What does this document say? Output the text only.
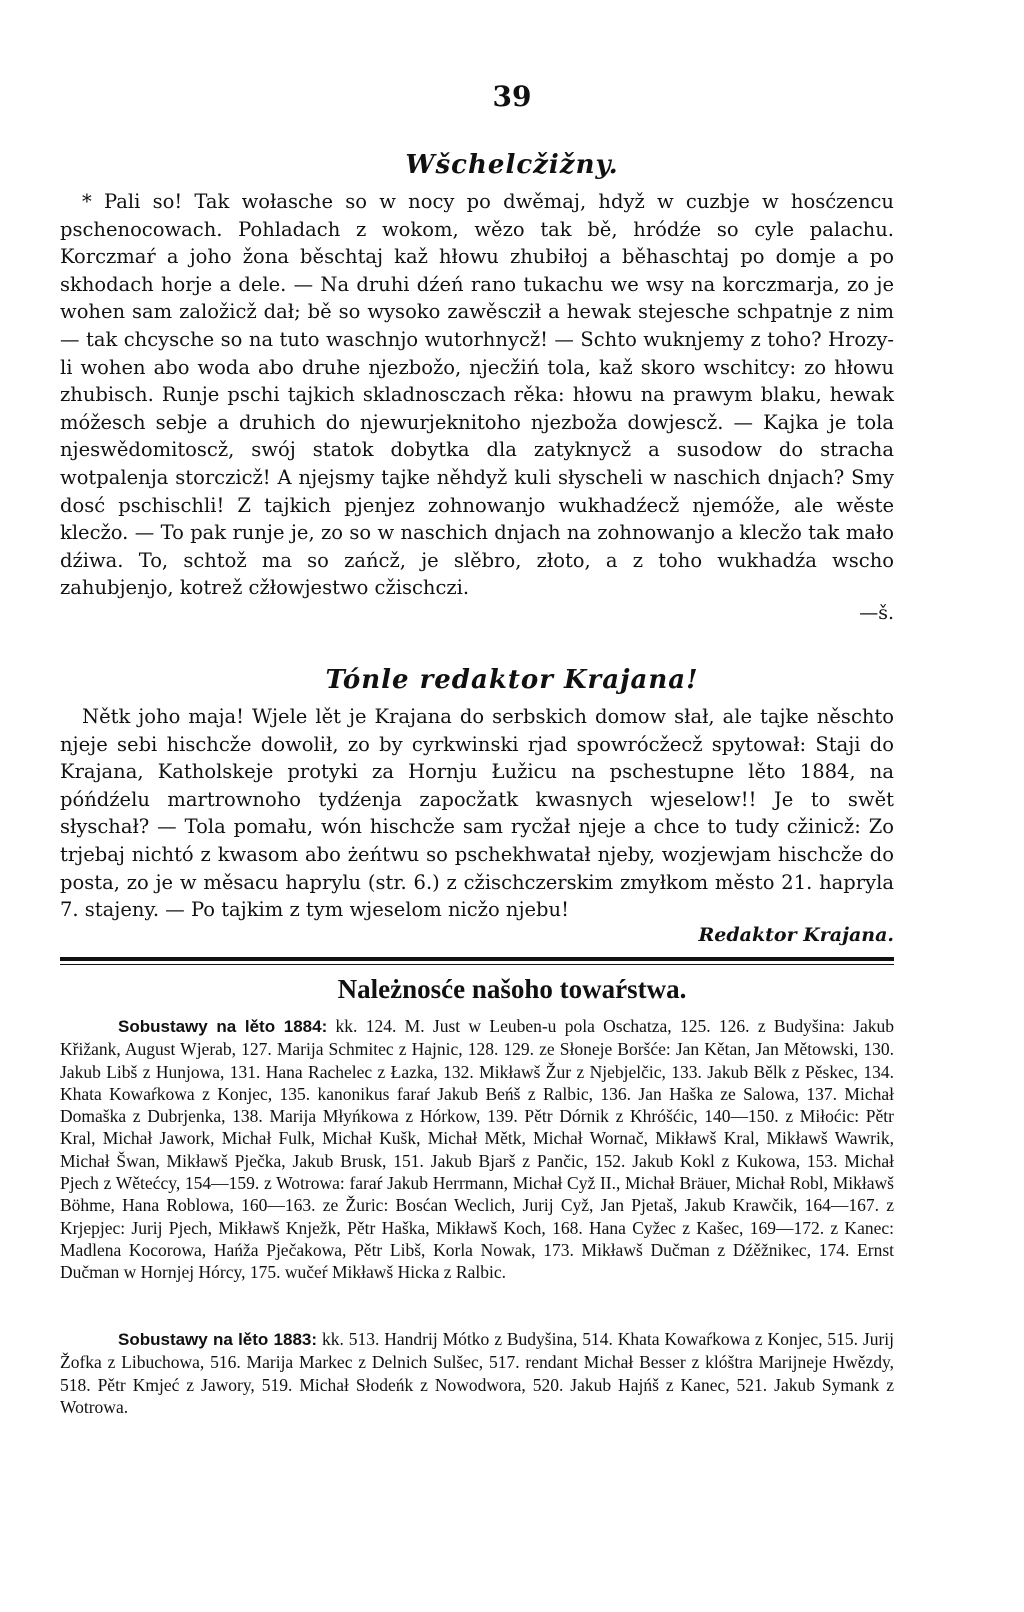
39
Wšchelcžižny.

* Pali so! Tak wołasche so w nocy po dwěmaj, hdyž w cuzbje w hosćzencu pschenocowach. Pohladach z wokom, wězo tak bě, hródźe so cyle palachu. Korczmaŕ a joho žona běschtaj kaž hłowu zhubiłoj a běhaschtaj po domje a po skhodach horje a dele. — Na druhi dźeń rano tukachu we wsy na korczmarja, zo je wohen sam založicž dał; bě so wysoko zawěscził a hewak stejesche schpatnje z nim — tak chcysche so na tuto waschnjo wutorhnycž! — Schto wuknjemy z toho? Hrozy-li wohen abo woda abo druhe njezbožo, njecžiń tola, kaž skoro wschitcy: zo hłowu zhubisch. Runje pschi tajkich skladnosczach rěka: hłowu na prawym blaku, hewak móžesch sebje a druhich do njewurjeknitoho njezboža dowjescž. — Kajka je tola njeswědomitoscž, swój statok dobytka dla zatyknycž a susodow do stracha wotpalenja storczicž! A njejsmy tajke něhdyž kuli słyscheli w naschich dnjach? Smy dosć pschischli! Z tajkich pjenjez zohnowanjo wukhadźecž njemóže, ale wěste klecžo. — To pak runje je, zo so w naschich dnjach na zohnowanjo a klecžo tak mało dźiwa. To, schtož ma so zańcž, je slěbro, złoto, a z toho wukhadźa wscho zahubjenjo, kotrež cžłowjestwo cžischczi.

—š.
Tónle redaktor Krajana!

Nětk joho maja! Wjele lět je Krajana do serbskich domow słał, ale tajke něschto njeje sebi hischcže dowolił, zo by cyrkwinski rjad spowrócžecž spytował: Staji do Krajana, Katholskeje protyki za Hornju Łužicu na pschestupne lěto 1884, na póńdźelu martrownoho tydźenja zapocžatk kwasnych wjeselow!! Je to swět słyschał? — Tola pomału, wón hischcže sam rycžał njeje a chce to tudy cžinicž: Zo trjebaj nichtó z kwasom abo żeńtwu so pschekhwatał njeby, wozjewjam hischcže do posta, zo je w měsacu haprylu (str. 6.) z cžischczerskim zmyłkom město 21. hapryla 7. stajeny. — Po tajkim z tym wjeselom nicžo njebu!

Redaktor Krajana.
Należnosće našoho towaŕstwa.

Sobustawy na lěto 1884: kk. 124. M. Just w Leuben-u pola Oschatza, 125. 126. z Budyšina: Jakub Křižank, August Wjerab, 127. Marija Schmitec z Hajnic, 128. 129. ze Słoneje Boršće: Jan Kětan, Jan Mětowski, 130. Jakub Libš z Hunjowa, 131. Hana Rachelec z Łazka, 132. Mikławš Žur z Njebjelčic, 133. Jakub Bělk z Pěskec, 134. Khata Kowaŕkowa z Konjec, 135. kanonikus faraŕ Jakub Beńš z Ralbic, 136. Jan Haška ze Salowa, 137. Michał Domaška z Dubrjenka, 138. Marija Młyńkowa z Hórkow, 139. Pětr Dórnik z Khróšćic, 140—150. z Miłoćic: Pětr Kral, Michał Jawork, Michał Fulk, Michał Kušk, Michał Mětk, Michał Wornač, Mikławš Kral, Mikławš Wawrik, Michał Šwan, Mikławš Pječka, Jakub Brusk, 151. Jakub Bjarš z Pančic, 152. Jakub Kokl z Kukowa, 153. Michał Pjech z Wětećcy, 154—159. z Wotrowa: faraŕ Jakub Herrmann, Michał Cyž II., Michał Bräuer, Michał Robl, Mikławš Böhme, Hana Roblowa, 160—163. ze Žuric: Bosćan Weclich, Jurij Cyž, Jan Pjetaš, Jakub Krawčik, 164—167. z Krjepjec: Jurij Pjech, Mikławš Knježk, Pětr Haška, Mikławš Koch, 168. Hana Cyžec z Kašec, 169—172. z Kanec: Madlena Kocorowa, Hańža Pječakowa, Pětr Libš, Korla Nowak, 173. Mikławš Dučman z Dźěžnikec, 174. Ernst Dučman w Hornjej Hórcy, 175. wučeŕ Mikławš Hicka z Ralbic.

Sobustawy na lěto 1883: kk. 513. Handrij Mótko z Budyšina, 514. Khata Kowaŕkowa z Konjec, 515. Jurij Žofka z Libuchowa, 516. Marija Markec z Delnich Sulšec, 517. rendant Michał Besser z klóštra Marijneje Hwězdy, 518. Pětr Kmjeć z Jawory, 519. Michał Słodeńk z Nowodwora, 520. Jakub Hajńš z Kanec, 521. Jakub Symank z Wotrowa.
